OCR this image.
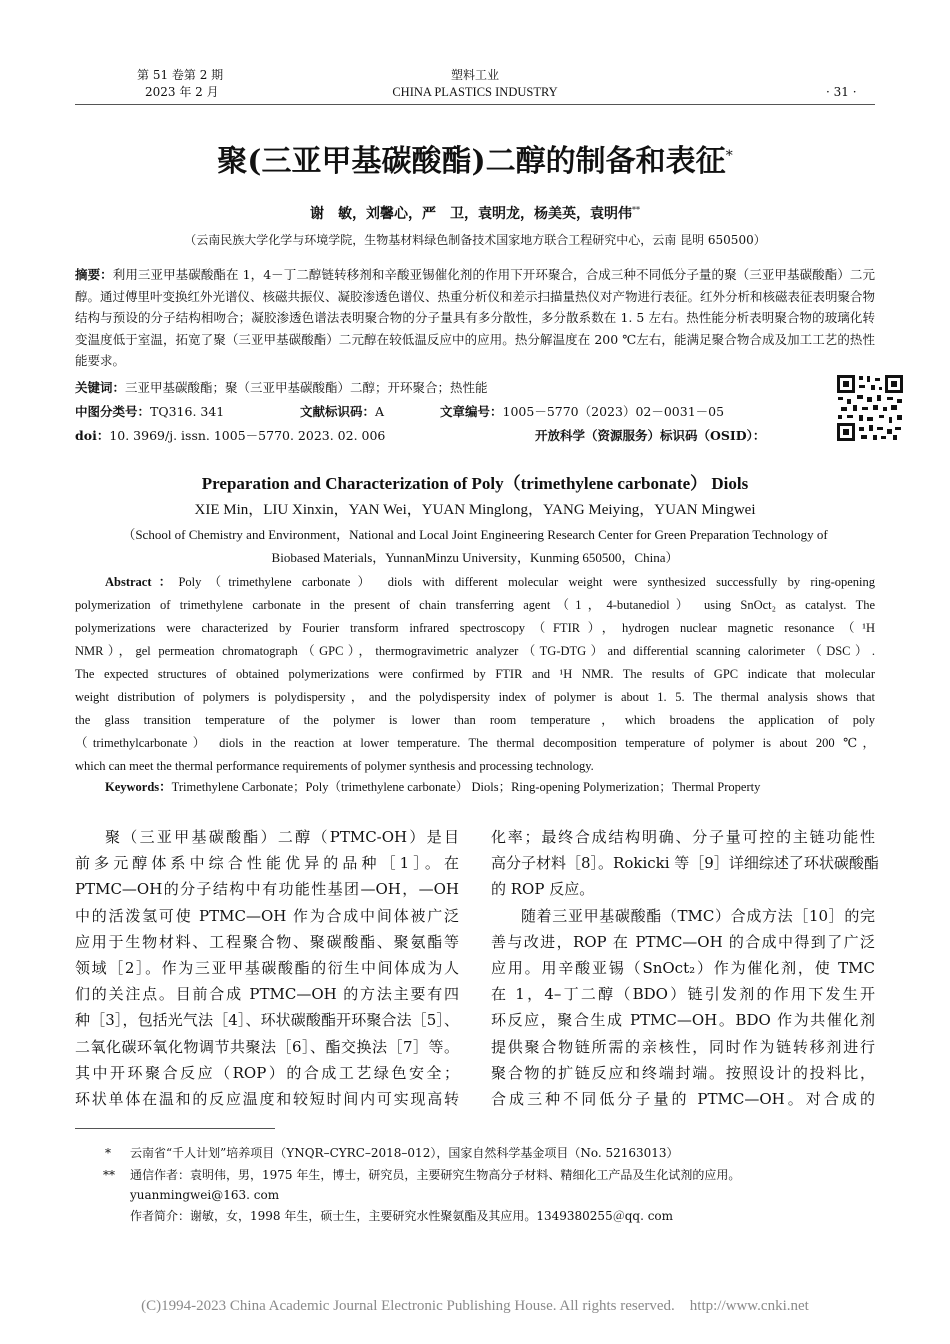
第 51 卷第 2 期
2023 年 2 月
塑料工业
CHINA PLASTICS INDUSTRY	· 31 ·
聚(三亚甲基碳酸酯)二醇的制备和表征*
谢　敏，刘馨心，严　卫，袁明龙，杨美英，袁明伟**
（云南民族大学化学与环境学院，生物基材料绿色制备技术国家地方联合工程研究中心，云南 昆明 650500）
摘要：利用三亚甲基碳酸酯在 1，4－丁二醇链转移剂和辛酸亚锡催化剂的作用下开环聚合，合成三种不同低分子量的聚（三亚甲基碳酸酯）二元醇。通过傅里叶变换红外光谱仪、核磁共振仪、凝胶渗透色谱仪、热重分析仪和差示扫描量热仪对产物进行表征。红外分析和核磁表征表明聚合物结构与预设的分子结构相吻合；凝胶渗透色谱法表明聚合物的分子量具有多分散性，多分散系数在 1. 5 左右。热性能分析表明聚合物的玻璃化转变温度低于室温，拓宽了聚（三亚甲基碳酸酯）二元醇在较低温反应中的应用。热分解温度在 200 ℃左右，能满足聚合物合成及加工工艺的热性能要求。
关键词：三亚甲基碳酸酯；聚（三亚甲基碳酸酯）二醇；开环聚合；热性能
中图分类号：TQ316. 341	文献标识码：A	文章编号：1005－5770（2023）02－0031－05
doi：10. 3969/j. issn. 1005－5770. 2023. 02. 006	开放科学（资源服务）标识码（OSID）：
Preparation and Characterization of Poly（trimethylene carbonate） Diols
XIE Min，LIU Xinxin，YAN Wei，YUAN Minglong，YANG Meiying，YUAN Mingwei
（School of Chemistry and Environment，National and Local Joint Engineering Research Center for Green Preparation Technology of
Biobased Materials，YunnanMinzu University，Kunming 650500，China）
Abstract：Poly（trimethylene carbonate） diols with different molecular weight were synthesized successfully by ring-opening
polymerization of trimethylene carbonate in the present of chain transferring agent（1，4-butanediol） using SnOct₂ as catalyst. The
polymerizations were characterized by Fourier transform infrared spectroscopy（FTIR），hydrogen nuclear magnetic resonance（¹H
NMR），gel permeation chromatograph（GPC），thermogravimetric analyzer（TG-DTG）and differential scanning calorimeter（DSC）.
The expected structures of obtained polymerizations were confirmed by FTIR and ¹H NMR. The results of GPC indicate that molecular
weight distribution of polymers is polydispersity，and the polydispersity index of polymer is about 1. 5. The thermal analysis shows that
the glass transition temperature of the polymer is lower than room temperature，which broadens the application of poly
（trimethylcarbonate） diols in the reaction at lower temperature. The thermal decomposition temperature of polymer is about 200 ℃，
which can meet the thermal performance requirements of polymer synthesis and processing technology.
Keywords：Trimethylene Carbonate；Poly（trimethylene carbonate） Diols；Ring-opening Polymerization；Thermal Property
聚（三亚甲基碳酸酯）二醇（PTMC-OH）是目
前多元醇体系中综合性能优异的品种［1］。在
PTMC—OH的分子结构中有功能性基团—OH，—OH
中的活泼氢可使 PTMC—OH 作为合成中间体被广泛
应用于生物材料、工程聚合物、聚碳酸酯、聚氨酯等
领域［2］。作为三亚甲基碳酸酯的衍生中间体成为人
们的关注点。目前合成 PTMC—OH 的方法主要有四
种［3］，包括光气法［4］、环状碳酸酯开环聚合法［5］、
二氧化碳环氧化物调节共聚法［6］、酯交换法［7］等。
其中开环聚合反应（ROP）的合成工艺绿色安全；
环状单体在温和的反应温度和较短时间内可实现高转
化率；最终合成结构明确、分子量可控的主链功能性
高分子材料［8］。Rokicki 等［9］详细综述了环状碳酸酯
的 ROP 反应。
随着三亚甲基碳酸酯（TMC）合成方法［10］的完
善与改进，ROP 在 PTMC—OH 的合成中得到了广泛
应用。用辛酸亚锡（SnOct₂）作为催化剂，使 TMC
在 1，4–丁二醇（BDO）链引发剂的作用下发生开
环反应，聚合生成 PTMC—OH。BDO 作为共催化剂
提供聚合物链所需的亲核性，同时作为链转移剂进行
聚合物的扩链反应和终端封端。按照设计的投料比，
合成三种不同低分子量的 PTMC—OH。对合成的
* 云南省“千人计划”培养项目（YNQR–CYRC–2018–012），国家自然科学基金项目（No. 52163013）
** 通信作者：袁明伟，男，1975 年生，博士，研究员，主要研究生物高分子材料、精细化工产品及生化试剂的应用。
yuanmingwei@163. com
作者简介：谢敏，女，1998 年生，硕士生，主要研究水性聚氨酯及其应用。1349380255＠qq. com
(C)1994-2023 China Academic Journal Electronic Publishing House. All rights reserved.    http://www.cnki.net
